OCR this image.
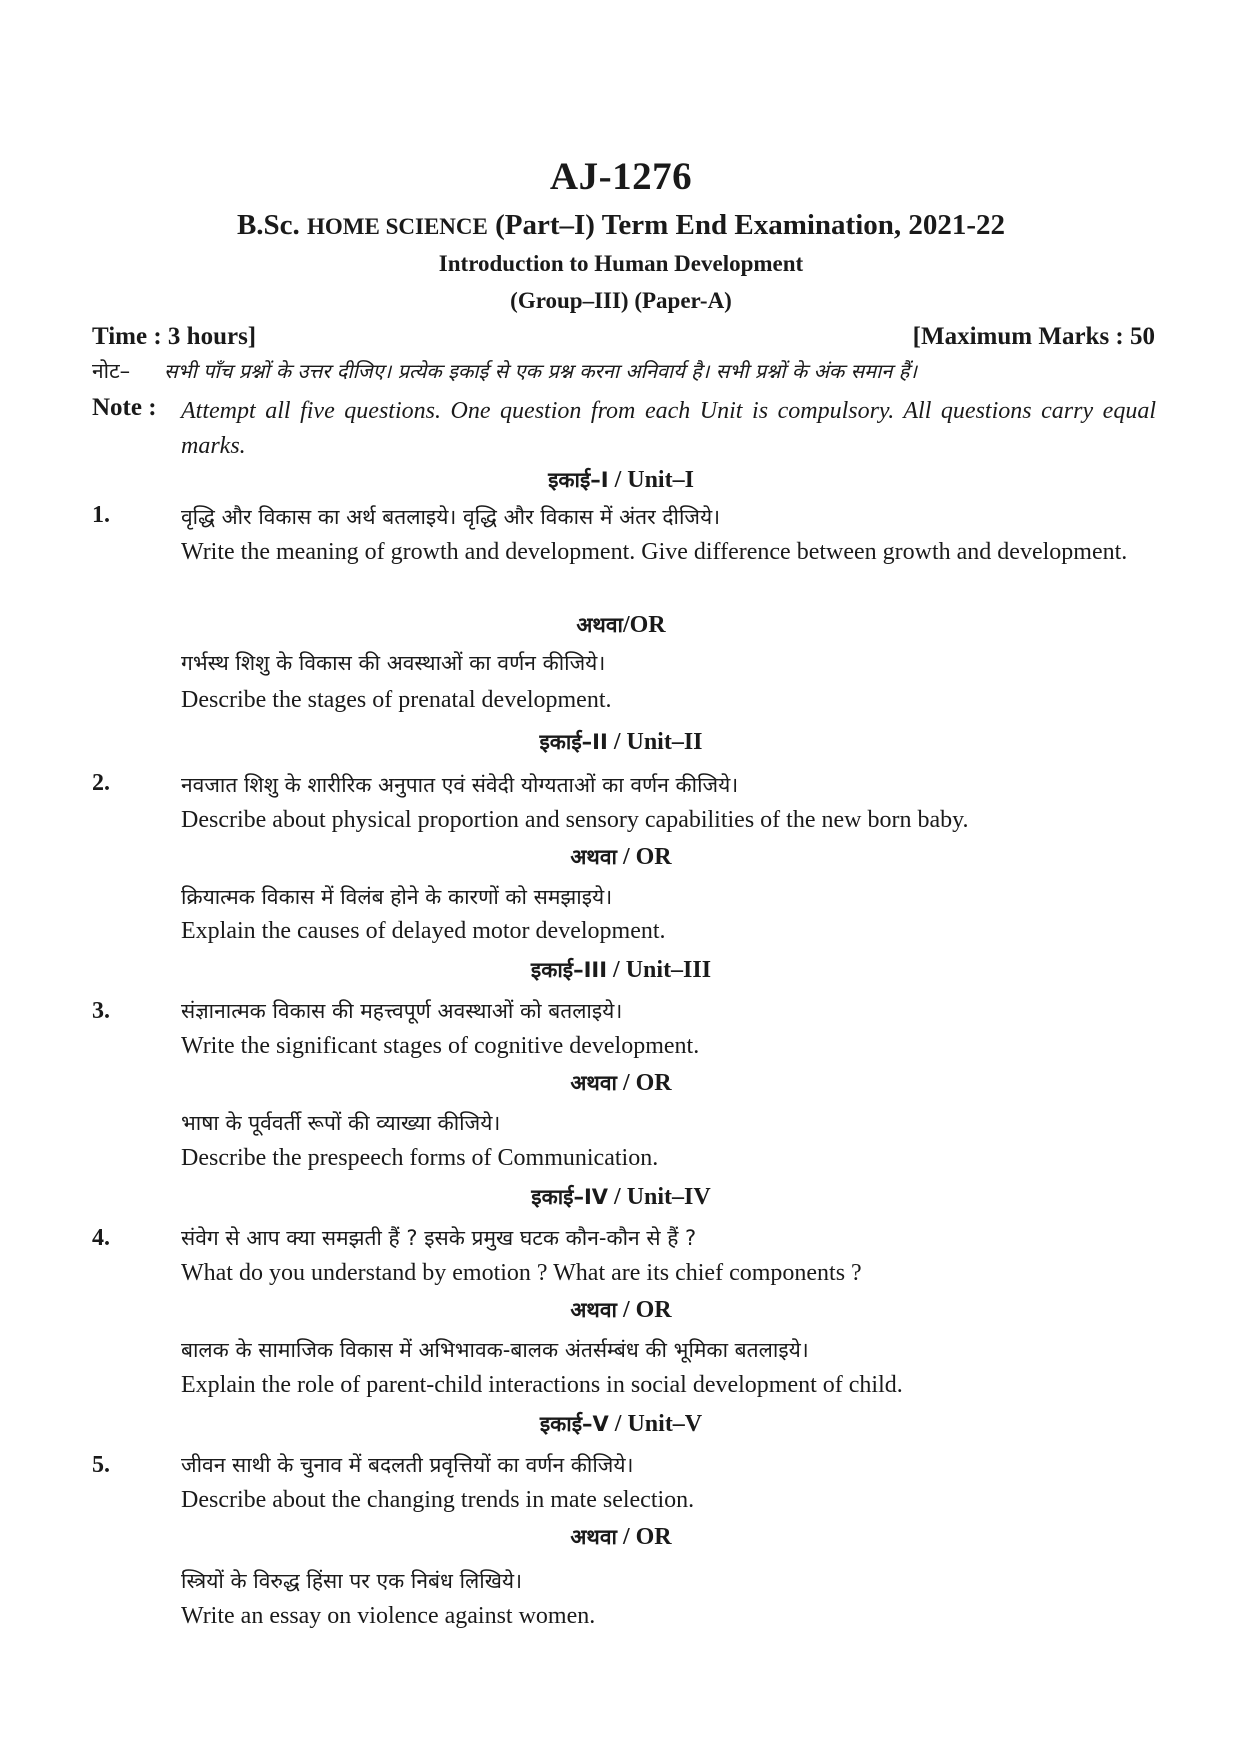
AJ-1276
B.Sc. HOME SCIENCE (Part–I) Term End Examination, 2021-22
Introduction to Human Development
(Group–III) (Paper-A)
Time : 3 hours]	[Maximum Marks : 50
नोट– सभी पाँच प्रश्नों के उत्तर दीजिए। प्रत्येक इकाई से एक प्रश्न करना अनिवार्य है। सभी प्रश्नों के अंक समान हैं।
Note : Attempt all five questions. One question from each Unit is compulsory. All questions carry equal marks.
इकाई–I / Unit–I
1.	वृद्धि और विकास का अर्थ बतलाइये। वृद्धि और विकास में अंतर दीजिये।
Write the meaning of growth and development. Give difference between growth and development.
अथवा/OR
गर्भस्थ शिशु के विकास की अवस्थाओं का वर्णन कीजिये।
Describe the stages of prenatal development.
इकाई–II / Unit–II
2.	नवजात शिशु के शारीरिक अनुपात एवं संवेदी योग्यताओं का वर्णन कीजिये।
Describe about physical proportion and sensory capabilities of the new born baby.
अथवा / OR
क्रियात्मक विकास में विलंब होने के कारणों को समझाइये।
Explain the causes of delayed motor development.
इकाई–III / Unit–III
3.	संज्ञानात्मक विकास की महत्त्वपूर्ण अवस्थाओं को बतलाइये।
Write the significant stages of cognitive development.
अथवा / OR
भाषा के पूर्ववर्ती रूपों की व्याख्या कीजिये।
Describe the prespeech forms of Communication.
इकाई–IV / Unit–IV
4.	संवेग से आप क्या समझती हैं ? इसके प्रमुख घटक कौन-कौन से हैं ?
What do you understand by emotion ? What are its chief components ?
अथवा / OR
बालक के सामाजिक विकास में अभिभावक-बालक अंतर्सम्बंध की भूमिका बतलाइये।
Explain the role of parent-child interactions in social development of child.
इकाई–V / Unit–V
5.	जीवन साथी के चुनाव में बदलती प्रवृत्तियों का वर्णन कीजिये।
Describe about the changing trends in mate selection.
अथवा / OR
स्त्रियों के विरुद्ध हिंसा पर एक निबंध लिखिये।
Write an essay on violence against women.
